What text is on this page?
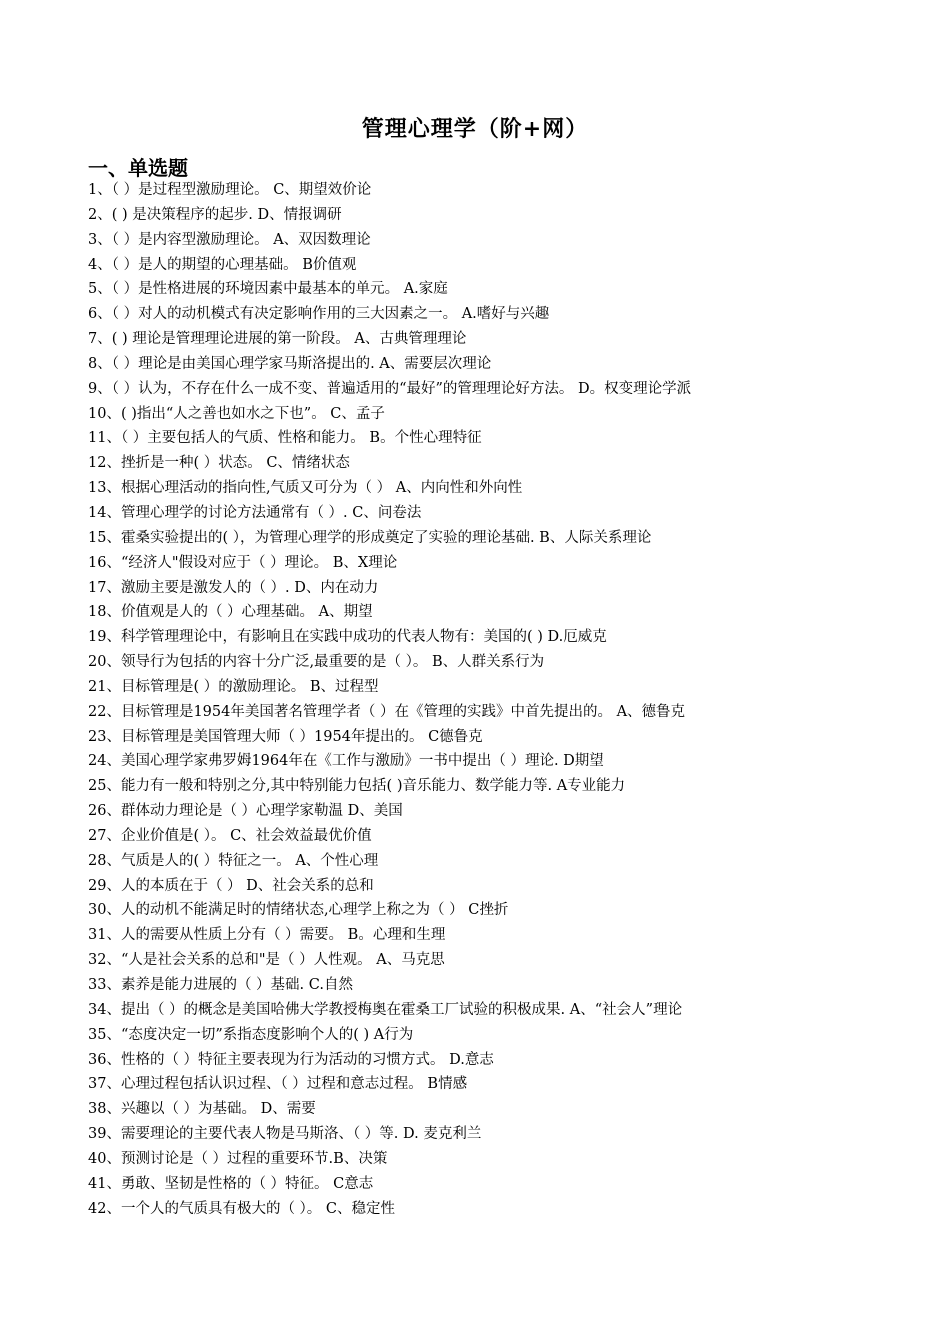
管理心理学（阶+网）
一、单选题
1、（ ）是过程型激励理论。 C、期望效价论
2、( ) 是决策程序的起步. D、情报调研
3、（ ）是内容型激励理论。 A、双因数理论
4、（ ）是人的期望的心理基础。 B价值观
5、（ ）是性格进展的环境因素中最基本的单元。 A.家庭
6、（ ）对人的动机模式有决定影响作用的三大因素之一。 A.嗜好与兴趣
7、( ) 理论是管理理论进展的第一阶段。 A、古典管理理论
8、（ ）理论是由美国心理学家马斯洛提出的. A、需要层次理论
9、（ ）认为，不存在什么一成不变、普遍适用的“最好”的管理理论好方法。 D。权变理论学派
10、( )指出“人之善也如水之下也”。 C、孟子
11、（ ）主要包括人的气质、性格和能力。 B。个性心理特征
12、挫折是一种( ）状态。 C、情绪状态
13、根据心理活动的指向性,气质又可分为（ ） A、内向性和外向性
14、管理心理学的讨论方法通常有（ ）. C、问卷法
15、霍桑实验提出的( ），为管理心理学的形成奠定了实验的理论基础. B、人际关系理论
16、“经济人"假设对应于（ ）理论。 B、X理论
17、激励主要是激发人的（ ）. D、内在动力
18、价值观是人的（ ）心理基础。 A、期望
19、科学管理理论中，有影响且在实践中成功的代表人物有：美国的( ) D.厄威克
20、领导行为包括的内容十分广泛,最重要的是（ ）。 B、人群关系行为
21、目标管理是( ）的激励理论。 B、过程型
22、目标管理是1954年美国著名管理学者（ ）在《管理的实践》中首先提出的。 A、德鲁克
23、目标管理是美国管理大师（ ）1954年提出的。 C德鲁克
24、美国心理学家弗罗姆1964年在《工作与激励》一书中提出（ ）理论. D期望
25、能力有一般和特别之分,其中特别能力包括( )音乐能力、数学能力等. A专业能力
26、群体动力理论是（ ）心理学家勒温 D、美国
27、企业价值是( ）。 C、社会效益最优价值
28、气质是人的( ）特征之一。 A、个性心理
29、人的本质在于（ ） D、社会关系的总和
30、人的动机不能满足时的情绪状态,心理学上称之为（ ） C挫折
31、人的需要从性质上分有（ ）需要。 B。心理和生理
32、“人是社会关系的总和"是（ ）人性观。 A、马克思
33、素养是能力进展的（ ）基础. C.自然
34、提出（ ）的概念是美国哈佛大学教授梅奥在霍桑工厂试验的积极成果. A、“社会人”理论
35、“态度决定一切”系指态度影响个人的( ) A行为
36、性格的（ ）特征主要表现为行为活动的习惯方式。 D.意志
37、心理过程包括认识过程、（ ）过程和意志过程。 B情感
38、兴趣以（ ）为基础。 D、需要
39、需要理论的主要代表人物是马斯洛、（ ）等. D. 麦克利兰
40、预测讨论是（ ）过程的重要环节.B、决策
41、勇敢、坚韧是性格的（ ）特征。 C意志
42、一个人的气质具有极大的（ ）。 C、稳定性
